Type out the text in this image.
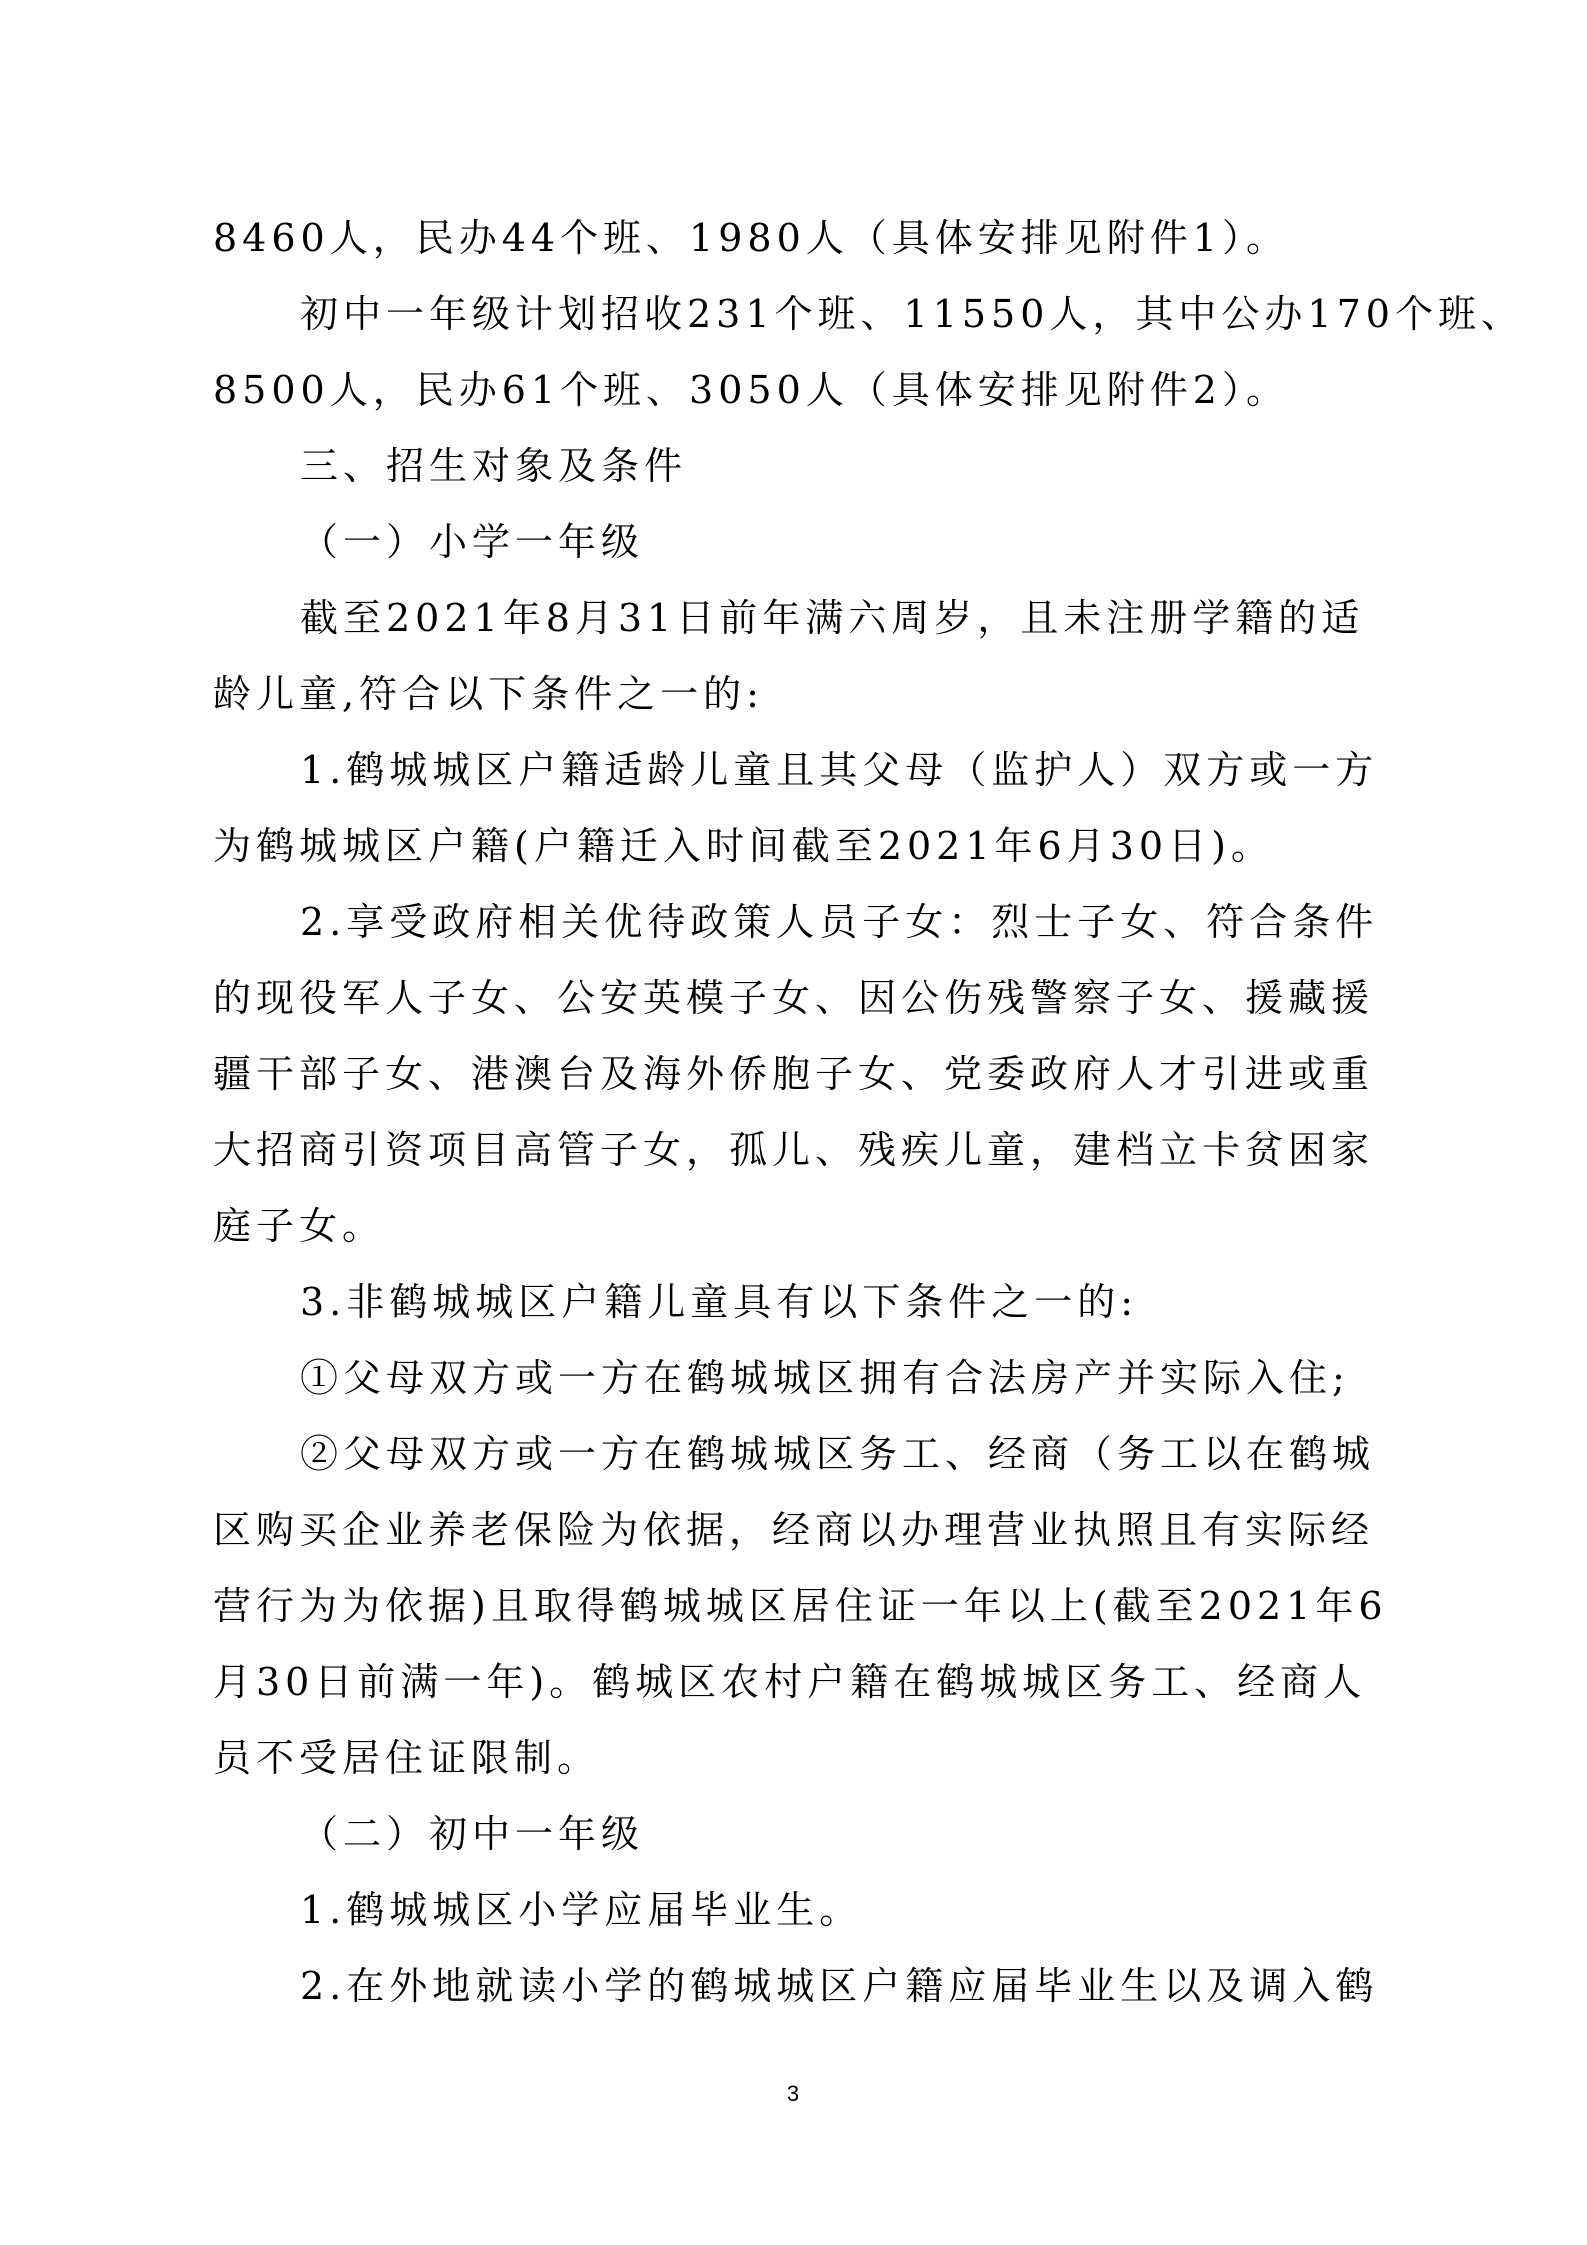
8460人，民办44个班、1980人（具体安排见附件1）。
初中一年级计划招收231个班、11550人，其中公办170个班、
8500人，民办61个班、3050人（具体安排见附件2）。
三、招生对象及条件
（一）小学一年级
截至2021年8月31日前年满六周岁，且未注册学籍的适
龄儿童,符合以下条件之一的:
1.鹤城城区户籍适龄儿童且其父母（监护人）双方或一方
为鹤城城区户籍(户籍迁入时间截至2021年6月30日)。
2.享受政府相关优待政策人员子女：烈士子女、符合条件
的现役军人子女、公安英模子女、因公伤残警察子女、援藏援
疆干部子女、港澳台及海外侨胞子女、党委政府人才引进或重
大招商引资项目高管子女，孤儿、残疾儿童，建档立卡贫困家
庭子女。
3.非鹤城城区户籍儿童具有以下条件之一的:
①父母双方或一方在鹤城城区拥有合法房产并实际入住;
②父母双方或一方在鹤城城区务工、经商（务工以在鹤城
区购买企业养老保险为依据，经商以办理营业执照且有实际经
营行为为依据)且取得鹤城城区居住证一年以上(截至2021年6
月30日前满一年)。鹤城区农村户籍在鹤城城区务工、经商人
员不受居住证限制。
（二）初中一年级
1.鹤城城区小学应届毕业生。
2.在外地就读小学的鹤城城区户籍应届毕业生以及调入鹤
3
